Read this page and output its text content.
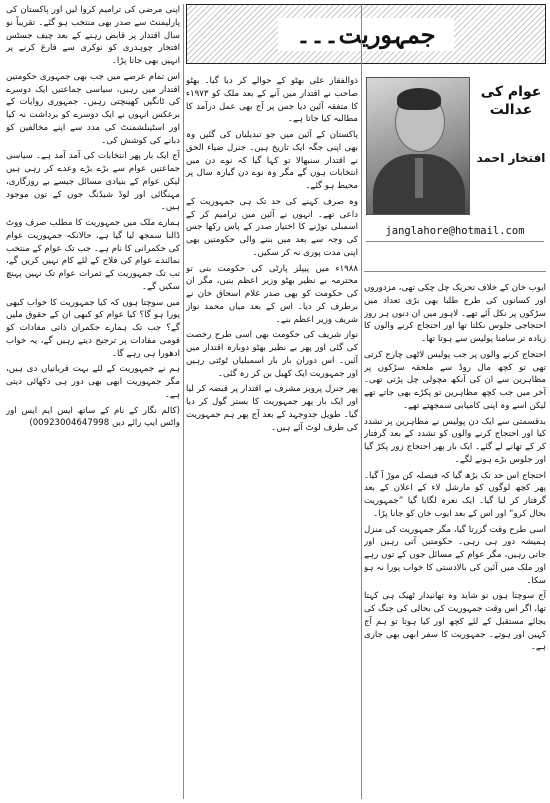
جمہوریت۔۔۔
عوام کی عدالت
افتخار احمد
janglahore@hotmail.com

ایوب خان کے خلاف تحریک چل چکی تھی، مزدوروں اور کسانوں کی طرح طلبا بھی بڑی تعداد میں سڑکوں پر نکل آئے تھے۔ لاہور میں ان دنوں ہر روز احتجاجی جلوس نکلتا تھا اور احتجاج کرنے والوں کا زیادہ تر سامنا پولیس سے ہوتا تھا۔

احتجاج کرنے والوں پر جب پولیس لاٹھی چارج کرتی تھی تو کچھ مال روڈ سے ملحقہ سڑکوں پر مظاہرین سے ان کی آنکھ مچولی چل پڑتی تھی۔ آخر میں جب کچھ مظاہرین تو پکڑے بھی جاتے تھے لیکن اسے وہ اپنی کامیابی سمجھتے تھے۔

بدقسمتی سے ایک دن پولیس نے مظاہرین پر تشدد کیا اور احتجاج کرنے والوں کو تشدد کے بعد گرفتار کر کے تھانے لے گئے۔ ایک بار پھر احتجاج زور پکڑ گیا اور جلوس بڑے ہونے لگے۔

احتجاج اس حد تک بڑھ گیا کہ فیصلہ کن موڑ آ گیا۔ پھر کچھ لوگوں کو مارشل لاء کے اعلان کے بعد گرفتار کر لیا گیا۔ ایک نعرہ لگایا گیا ”جمہوریت بحال کرو“ اور اس کے بعد ایوب خان کو جانا پڑا۔

اسی طرح وقت گزرتا گیا، مگر جمہوریت کی منزل ہمیشہ دور ہی رہی۔ حکومتیں آتی رہیں اور جاتی رہیں، مگر عوام کے مسائل جوں کے توں رہے اور ملک میں آئین کی بالادستی کا خواب پورا نہ ہو سکا۔

آج سوچتا ہوں تو شاید وہ تھانیدار ٹھیک ہی کہتا تھا، اگر اس وقت جمہوریت کی بحالی کی جنگ کی بجائے مستقبل کے لئے کچھ اور کیا ہوتا تو ہم آج کہیں اور ہوتے۔ جمہوریت کا سفر ابھی بھی جاری ہے۔

ذوالفقار علی بھٹو کے حوالے کر دیا گیا۔ بھٹو صاحب نے اقتدار میں آنے کے بعد ملک کو ۱۹۷۳ء کا متفقہ آئین دیا جس پر آج بھی عمل درآمد کا مطالبہ کیا جاتا ہے۔

پاکستان کے آئین میں جو تبدیلیاں کی گئیں وہ بھی اپنی جگہ ایک تاریخ ہیں۔ جنرل ضیاء الحق نے اقتدار سنبھالا تو کہا گیا کہ نوے دن میں انتخابات ہوں گے مگر وہ نوے دن گیارہ سال پر محیط ہو گئے۔

وہ صرف کہنے کی حد تک ہی جمہوریت کے داعی تھے۔ انہوں نے آئین میں ترامیم کر کے اسمبلی توڑنے کا اختیار صدر کے پاس رکھا جس کی وجہ سے بعد میں بننے والی حکومتیں بھی اپنی مدت پوری نہ کر سکیں۔

۱۹۸۸ء میں پیپلز پارٹی کی حکومت بنی تو محترمہ بے نظیر بھٹو وزیر اعظم بنیں، مگر ان کی حکومت کو بھی صدر غلام اسحاق خان نے برطرف کر دیا۔ اس کے بعد میاں محمد نواز شریف وزیر اعظم بنے۔

نواز شریف کی حکومت بھی اسی طرح رخصت کی گئی اور پھر بے نظیر بھٹو دوبارہ اقتدار میں آئیں۔ اس دوران بار بار اسمبلیاں ٹوٹتی رہیں اور جمہوریت ایک کھیل بن کر رہ گئی۔

پھر جنرل پرویز مشرف نے اقتدار پر قبضہ کر لیا اور ایک بار پھر جمہوریت کا بستر گول کر دیا گیا۔ طویل جدوجہد کے بعد آج پھر ہم جمہوریت کی طرف لوٹ آئے ہیں۔

اپنی مرضی کی ترامیم کروا لیں اور پاکستان کی پارلیمنٹ سے صدر بھی منتخب ہو گئے۔ تقریباً نو سال اقتدار پر قابض رہنے کے بعد چیف جسٹس افتخار چوہدری کو نوکری سے فارغ کرنے پر انہیں بھی جانا پڑا۔

اس تمام عرصے میں جب بھی جمہوری حکومتیں اقتدار میں رہیں، سیاسی جماعتیں ایک دوسرے کی ٹانگیں کھینچتی رہیں۔ جمہوری روایات کے برعکس انہوں نے ایک دوسرے کو برداشت نہ کیا اور اسٹیبلشمنٹ کی مدد سے اپنے مخالفین کو دبانے کی کوشش کی۔

آج ایک بار پھر انتخابات کی آمد آمد ہے۔ سیاسی جماعتیں عوام سے بڑے بڑے وعدے کر رہی ہیں لیکن عوام کے بنیادی مسائل جیسے بے روزگاری، مہنگائی اور لوڈ شیڈنگ جوں کے توں موجود ہیں۔

ہمارے ملک میں جمہوریت کا مطلب صرف ووٹ ڈالنا سمجھ لیا گیا ہے، حالانکہ جمہوریت عوام کی حکمرانی کا نام ہے۔ جب تک عوام کے منتخب نمائندے عوام کی فلاح کے لئے کام نہیں کریں گے، تب تک جمہوریت کے ثمرات عوام تک نہیں پہنچ سکیں گے۔

میں سوچتا ہوں کہ کیا جمہوریت کا خواب کبھی پورا ہو گا؟ کیا عوام کو کبھی ان کے حقوق ملیں گے؟ جب تک ہمارے حکمران ذاتی مفادات کو قومی مفادات پر ترجیح دیتے رہیں گے، یہ خواب ادھورا ہی رہے گا۔

ہم نے جمہوریت کے لئے بہت قربانیاں دی ہیں، مگر جمہوریت ابھی بھی دور ہی دکھائی دیتی ہے۔

(کالم نگار کے نام کے ساتھ ایس ایم ایس اور واٹس ایپ رائے دیں 00923004647998)
